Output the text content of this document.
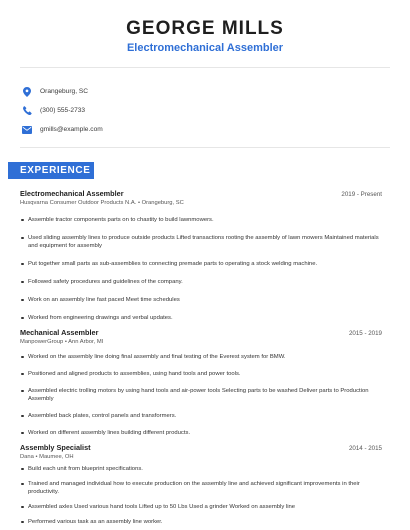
GEORGE MILLS
Electromechanical Assembler
Orangeburg, SC
(300) 555-2733
gmills@example.com
EXPERIENCE
Electromechanical Assembler	2019 - Present
Husqvarna Consumer Outdoor Products N.A. • Orangeburg, SC
Assemble tractor components parts on to chastity to build lawnmowers.
Used sliding assembly lines to produce outside products Lifted transactions rooting the assembly of lawn mowers Maintained materials and equipment for assembly
Put together small parts as sub-assemblies to connecting premade parts to operating a stock welding machine.
Followed safety procedures and guidelines of the company.
Work on an assembly line fast paced Meet time schedules
Worked from engineering drawings and verbal updates.
Mechanical Assembler	2015 - 2019
ManpowerGroup • Ann Arbor, MI
Worked on the assembly line doing final assembly and final testing of the Everest system for BMW.
Positioned and aligned products to assemblies, using hand tools and power tools.
Assembled electric trolling motors by using hand tools and air-power tools Selecting parts to be washed Deliver parts to Production Assembly
Assembled back plates, control panels and transformers.
Worked on different assembly lines building different products.
Assembly Specialist	2014 - 2015
Dana • Maumee, OH
Build each unit from blueprint specifications.
Trained and managed individual how to execute production on the assembly line and achieved significant improvements in their productivity.
Assembled axles Used various hand tools Lifted up to 50 Lbs Used a grinder Worked on assembly line
Performed various task as an assembly line worker.
